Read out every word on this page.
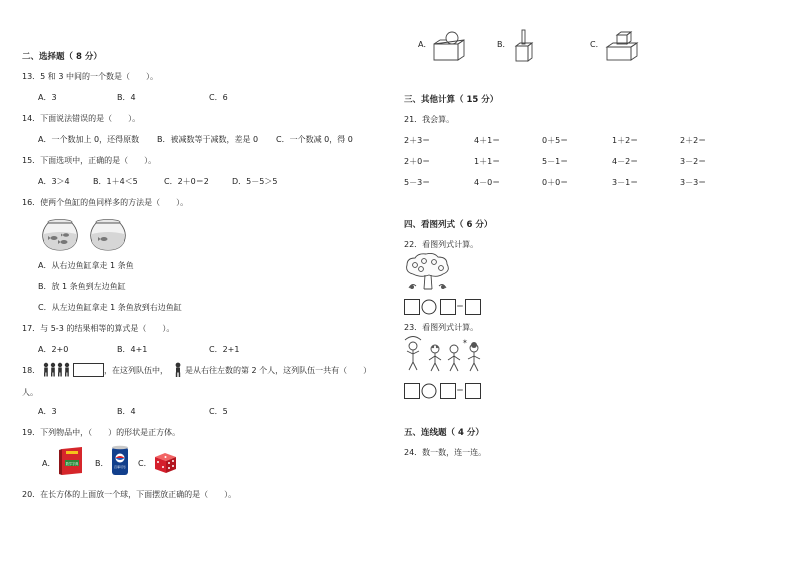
二、选择题（ 8 分）
13．5 和 3 中间的一个数是（　　）。
A．3	B．4	C．6
14．下面说法错误的是（　　）。
A．一个数加上 0，还得原数 B．被减数等于减数，差是 0 C．一个数减 0，得 0
15．下面选项中，正确的是（　　）。
A．3＞4	B．1＋4＜5	C．2＋0＝2	D．5－5＞5
16．使两个鱼缸的鱼同样多的方法是（　　）。
A．从右边鱼缸拿走 1 条鱼
B．放 1 条鱼到左边鱼缸
C．从左边鱼缸拿走 1 条鱼放到右边鱼缸
17．与 5-3 的结果相等的算式是（　　）。
A．2+0	B．4+1	C．2+1
18．	，在这列队伍中， 是从右往左数的第 2 个人，这列队伍一共有（　　）
人。
A．3	B．4	C．5
19．下列物品中，（　　）的形状是正方体。
A．	数学字典 B． 百事可乐 C．
20．在长方体的上面放一个球，下面摆放正确的是（　　）。
A．	B．	C．
三、其他计算（ 15 分）
21．我会算。
2＋3＝	4＋1＝	0＋5＝	1＋2＝	2＋2＝
2＋0＝	1＋1＝	5－1＝	4－2＝	3－2＝
5－3＝	4－0＝	0＋0＝	3－1＝	3－3＝
四、看图列式（ 6 分）
22．看图列式计算。
＝
23．看图列式计算。
✶
＝
五、连线题（ 4 分）
24．数一数，连一连。
